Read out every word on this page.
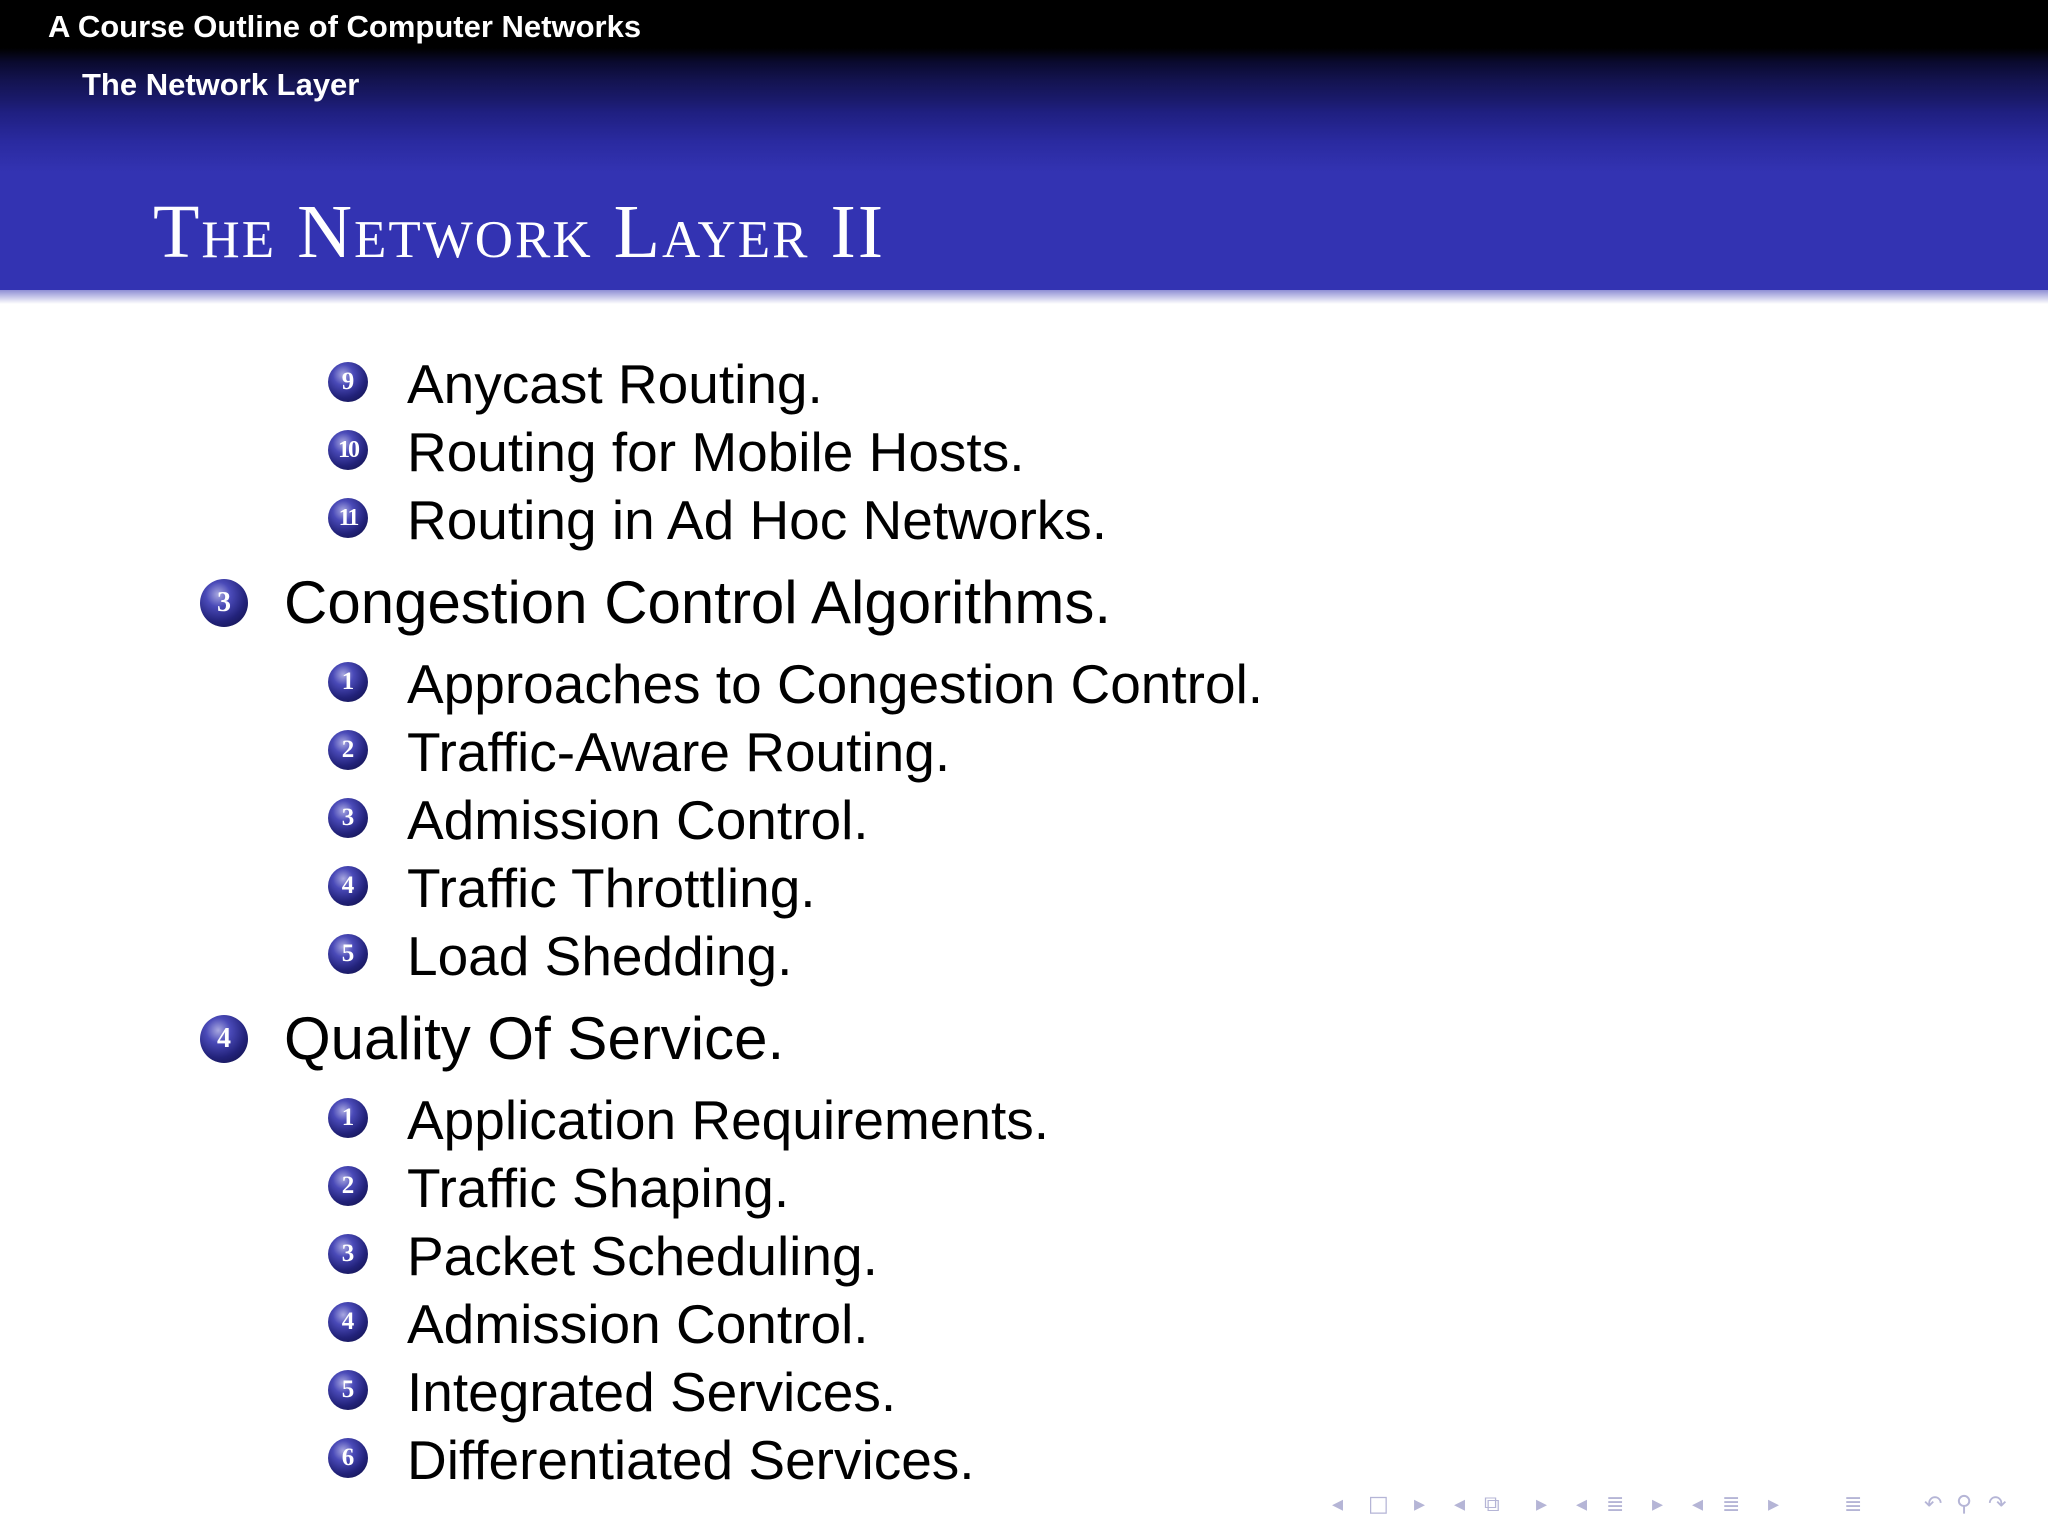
A Course Outline of Computer Networks
The Network Layer
The Network Layer II
9 Anycast Routing.
10 Routing for Mobile Hosts.
11 Routing in Ad Hoc Networks.
3 Congestion Control Algorithms.
1 Approaches to Congestion Control.
2 Traffic-Aware Routing.
3 Admission Control.
4 Traffic Throttling.
5 Load Shedding.
4 Quality Of Service.
1 Application Requirements.
2 Traffic Shaping.
3 Packet Scheduling.
4 Admission Control.
5 Integrated Services.
6 Differentiated Services.
◂ □ ▸ ◂ ⧉ ▸ ◂ ≣ ▸ ◂ ≣ ▸	≣	↶ ⚲ ↷
